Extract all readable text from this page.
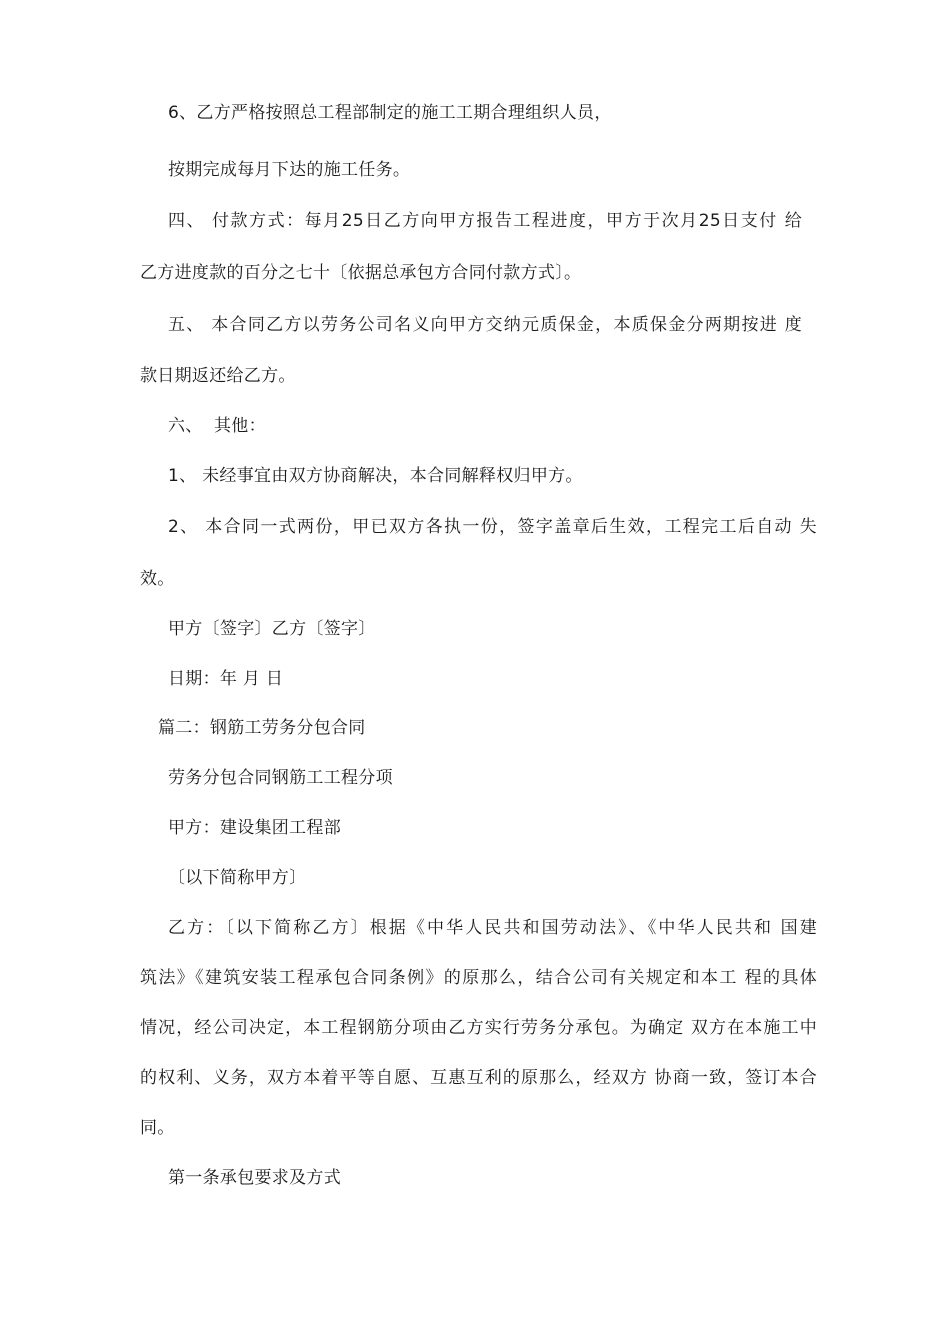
6、乙方严格按照总工程部制定的施工工期合理组织人员，
按期完成每月下达的施工任务。
四、 付款方式：每月25日乙方向甲方报告工程进度，甲方于次月25日支付 给
乙方进度款的百分之七十〔依据总承包方合同付款方式〕。
五、 本合同乙方以劳务公司名义向甲方交纳元质保金，本质保金分两期按进 度
款日期返还给乙方。
六、  其他：
1、 未经事宜由双方协商解决，本合同解释权归甲方。
2、 本合同一式两份，甲已双方各执一份，签字盖章后生效，工程完工后自动 失
效。
甲方〔签字〕乙方〔签字〕
日期：年 月 日
篇二：钢筋工劳务分包合同
劳务分包合同钢筋工工程分项
甲方：建设集团工程部
〔以下简称甲方〕
乙方：〔以下简称乙方〕根据《中华人民共和国劳动法》、《中华人民共和 国建
筑法》《建筑安装工程承包合同条例》的原那么，结合公司有关规定和本工 程的具体
情况，经公司决定，本工程钢筋分项由乙方实行劳务分承包。为确定 双方在本施工中
的权利、义务，双方本着平等自愿、互惠互利的原那么，经双方 协商一致，签订本合
同。
第一条承包要求及方式
